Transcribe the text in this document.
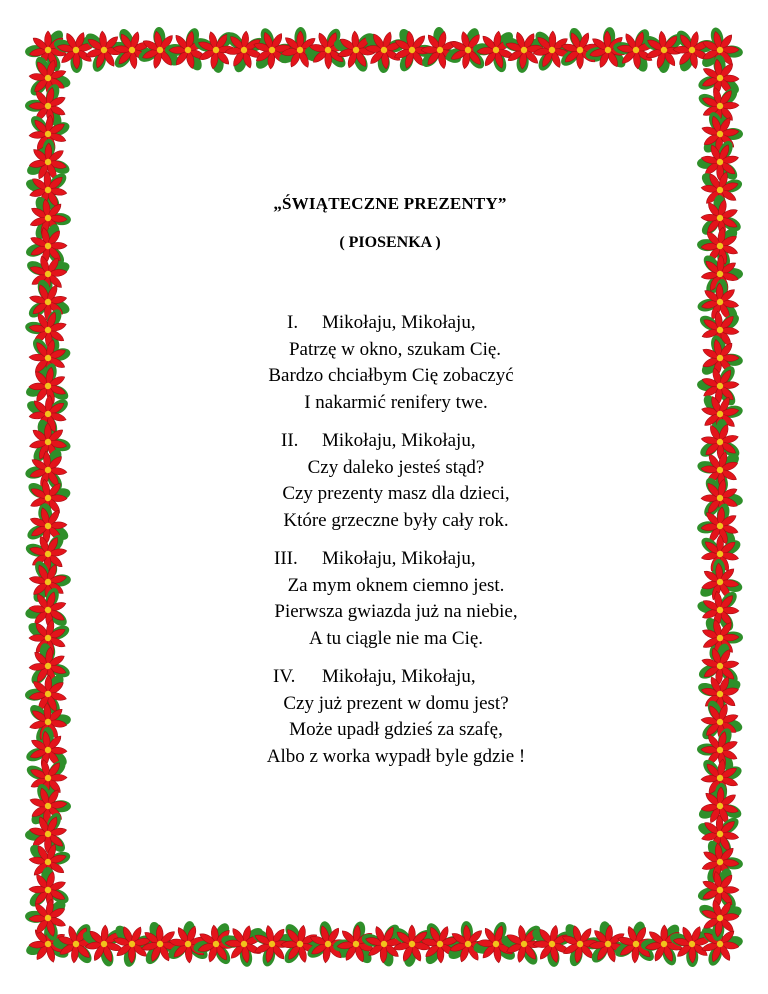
„ŚWIĄTECZNE PREZENTY”
( PIOSENKA )
I. Mikołaju, Mikołaju,
Patrzę w okno, szukam Cię.
Bardzo chciałbym Cię zobaczyć
I nakarmić renifery twe.
II. Mikołaju, Mikołaju,
Czy daleko jesteś stąd?
Czy prezenty masz dla dzieci,
Które grzeczne były cały rok.
III. Mikołaju, Mikołaju,
Za mym oknem ciemno jest.
Pierwsza gwiazda już na niebie,
A tu ciągle nie ma Cię.
IV. Mikołaju, Mikołaju,
Czy już prezent w domu jest?
Może upadł gdzieś za szafę,
Albo z worka wypadł byle gdzie !
